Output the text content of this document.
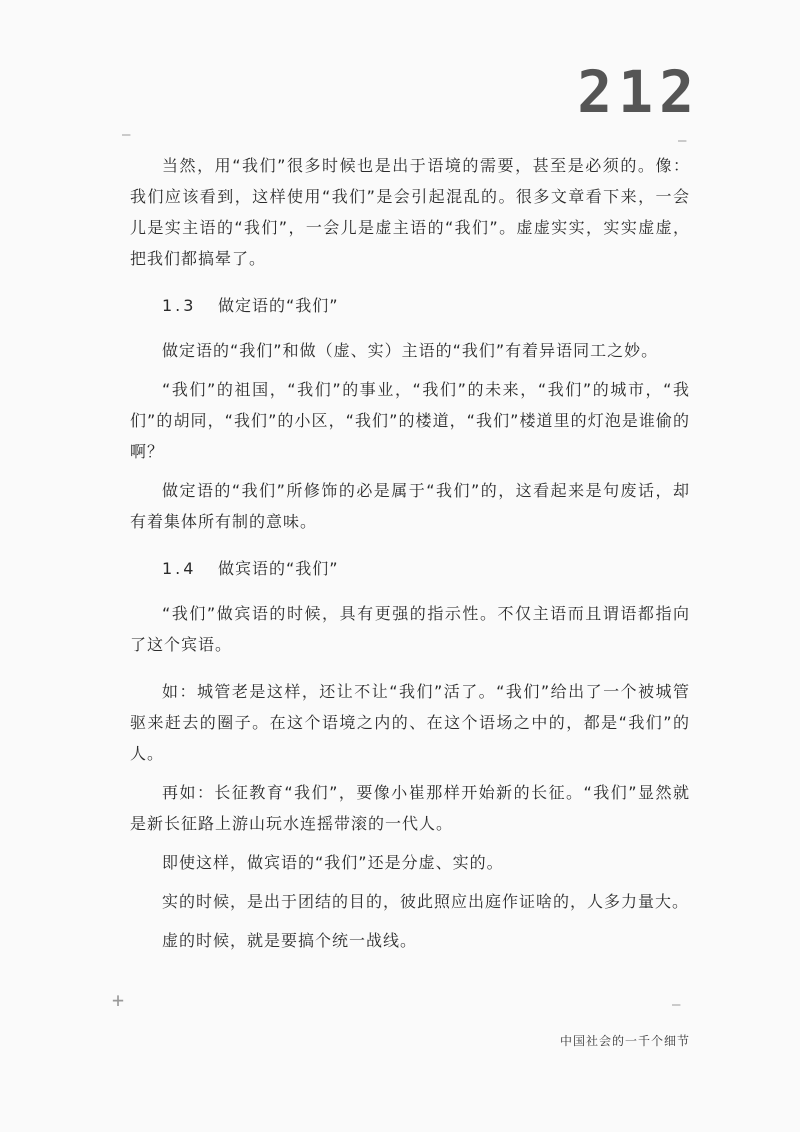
212
—	—
+	—

当然，用“我们”很多时候也是出于语境的需要，甚至是必须的。像：我们应该看到，这样使用“我们”是会引起混乱的。很多文章看下来，一会儿是实主语的“我们”，一会儿是虚主语的“我们”。虚虚实实，实实虚虚，把我们都搞晕了。

1.3 做定语的“我们”

做定语的“我们”和做（虚、实）主语的“我们”有着异语同工之妙。

“我们”的祖国，“我们”的事业，“我们”的未来，“我们”的城市，“我们”的胡同，“我们”的小区，“我们”的楼道，“我们”楼道里的灯泡是谁偷的啊？

做定语的“我们”所修饰的必是属于“我们”的，这看起来是句废话，却有着集体所有制的意味。

1.4 做宾语的“我们”

“我们”做宾语的时候，具有更强的指示性。不仅主语而且谓语都指向了这个宾语。

如：城管老是这样，还让不让“我们”活了。“我们”给出了一个被城管驱来赶去的圈子。在这个语境之内的、在这个语场之中的，都是“我们”的人。

再如：长征教育“我们”，要像小崔那样开始新的长征。“我们”显然就是新长征路上游山玩水连摇带滚的一代人。

即使这样，做宾语的“我们”还是分虚、实的。

实的时候，是出于团结的目的，彼此照应出庭作证啥的，人多力量大。

虚的时候，就是要搞个统一战线。

中国社会的一千个细节
